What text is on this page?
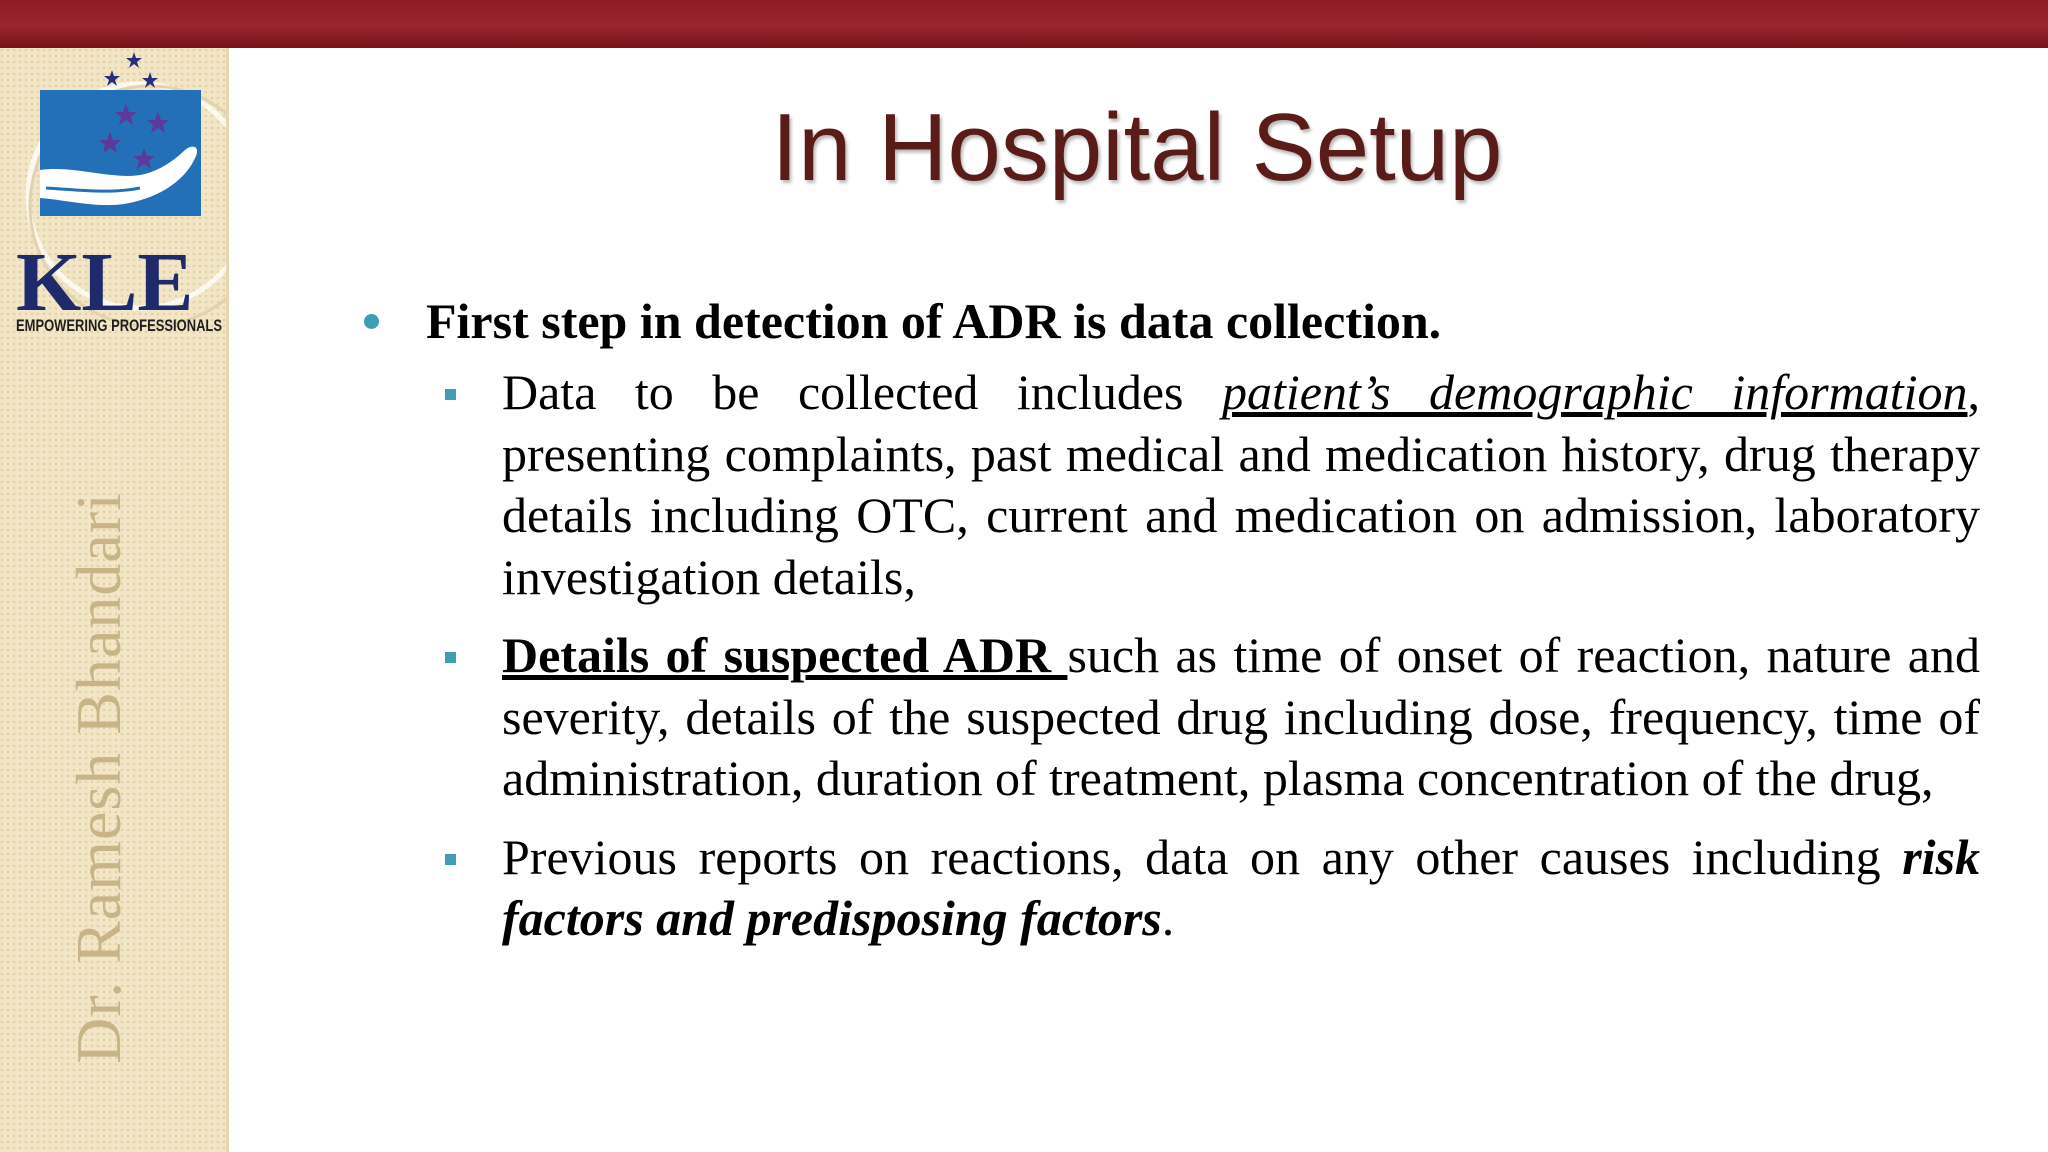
KLE
EMPOWERING PROFESSIONALS
Dr. Ramesh Bhandari
In Hospital Setup
First step in detection of ADR is data collection.
Data to be collected includes patient’s demographic information, presenting complaints, past medical and medication history, drug therapy details including OTC, current and medication on admission, laboratory investigation details,
Details of suspected ADR such as time of onset of reaction, nature and severity, details of the suspected drug including dose, frequency, time of administration, duration of treatment, plasma concentration of the drug,
Previous reports on reactions, data on any other causes including risk factors and predisposing factors.
